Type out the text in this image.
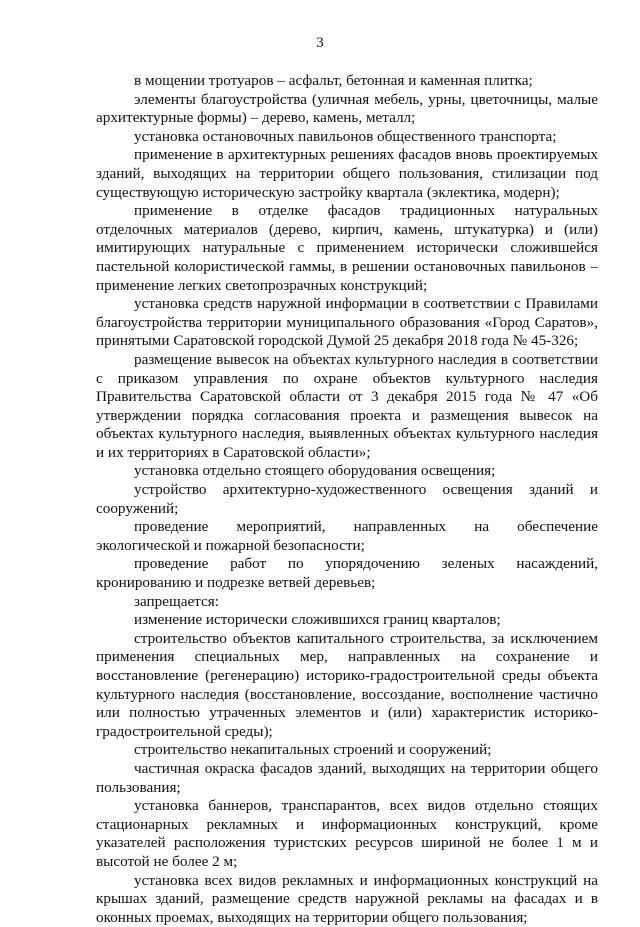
3

в мощении тротуаров – асфальт, бетонная и каменная плитка;

элементы благоустройства (уличная мебель, урны, цветочницы, малые архитектурные формы) – дерево, камень, металл;

установка остановочных павильонов общественного транспорта;

применение в архитектурных решениях фасадов вновь проектируемых зданий, выходящих на территории общего пользования, стилизации под существующую историческую застройку квартала (эклектика, модерн);

применение в отделке фасадов традиционных натуральных отделочных материалов (дерево, кирпич, камень, штукатурка) и (или) имитирующих натуральные с применением исторически сложившейся пастельной колористической гаммы, в решении остановочных павильонов – применение легких светопрозрачных конструкций;

установка средств наружной информации в соответствии с Правилами благоустройства территории муниципального образования «Город Саратов», принятыми Саратовской городской Думой 25 декабря 2018 года № 45-326;

размещение вывесок на объектах культурного наследия в соответствии с приказом управления по охране объектов культурного наследия Правительства Саратовской области от 3 декабря 2015 года № 47 «Об утверждении порядка согласования проекта и размещения вывесок на объектах культурного наследия, выявленных объектах культурного наследия и их территориях в Саратовской области»;

установка отдельно стоящего оборудования освещения;

устройство архитектурно-художественного освещения зданий и сооружений;

проведение мероприятий, направленных на обеспечение экологической и пожарной безопасности;

проведение работ по упорядочению зеленых насаждений, кронированию и подрезке ветвей деревьев;

запрещается:

изменение исторически сложившихся границ кварталов;

строительство объектов капитального строительства, за исключением применения специальных мер, направленных на сохранение и восстановление (регенерацию) историко-градостроительной среды объекта культурного наследия (восстановление, воссоздание, восполнение частично или полностью утраченных элементов и (или) характеристик историко-градостроительной среды);

строительство некапитальных строений и сооружений;

частичная окраска фасадов зданий, выходящих на территории общего пользования;

установка баннеров, транспарантов, всех видов отдельно стоящих стационарных рекламных и информационных конструкций, кроме указателей расположения туристских ресурсов шириной не более 1 м и высотой не более 2 м;

установка всех видов рекламных и информационных конструкций на крышах зданий, размещение средств наружной рекламы на фасадах и в оконных проемах, выходящих на территории общего пользования;
